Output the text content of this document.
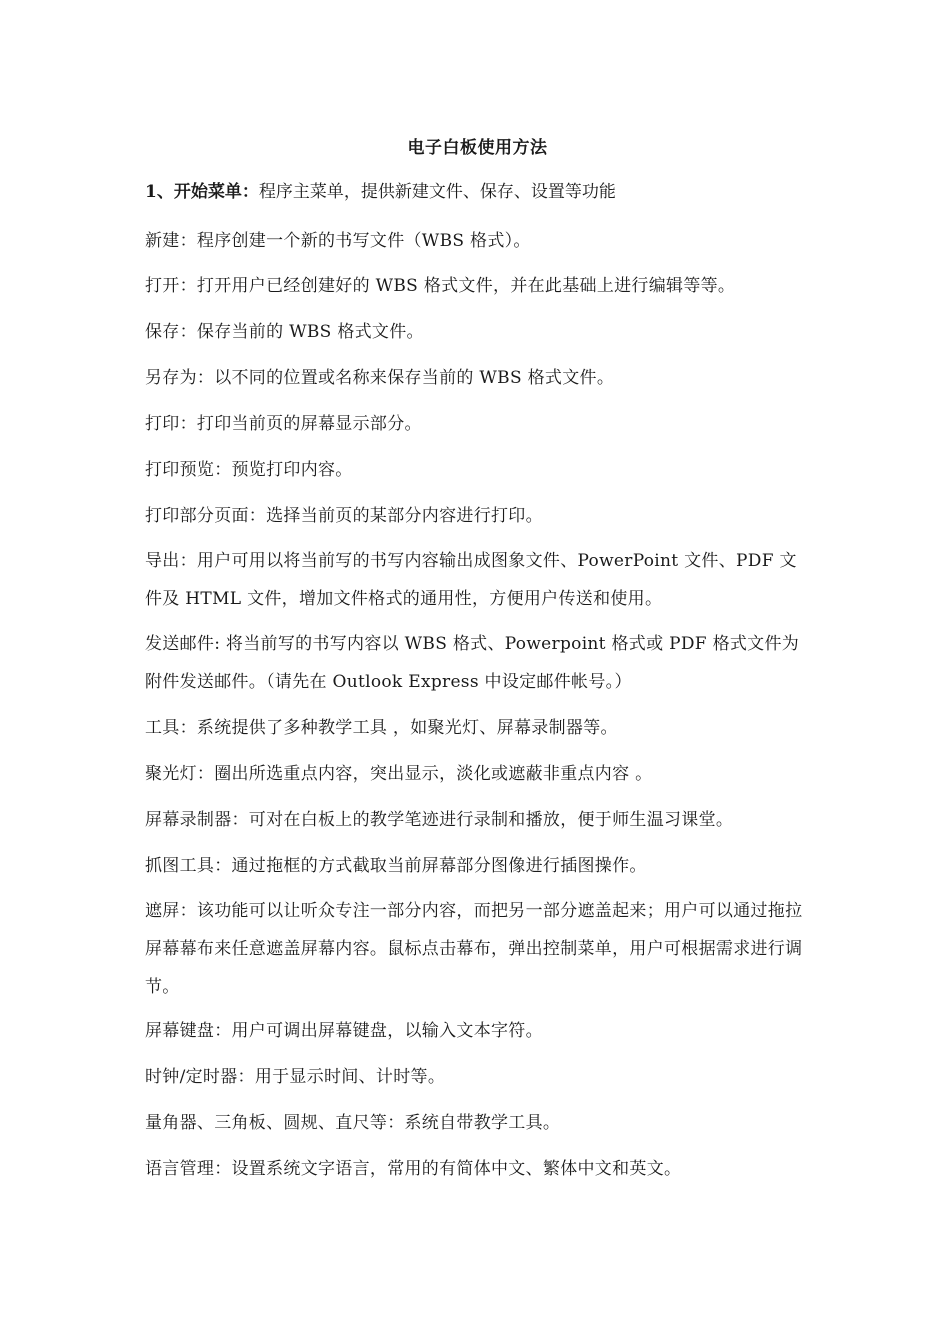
电子白板使用方法
1、开始菜单：程序主菜单，提供新建文件、保存、设置等功能
新建：程序创建一个新的书写文件（WBS 格式）。
打开：打开用户已经创建好的 WBS 格式文件，并在此基础上进行编辑等等。
保存：保存当前的 WBS 格式文件。
另存为：以不同的位置或名称来保存当前的 WBS 格式文件。
打印：打印当前页的屏幕显示部分。
打印预览：预览打印内容。
打印部分页面：选择当前页的某部分内容进行打印。
导出：用户可用以将当前写的书写内容输出成图象文件、PowerPoint 文件、PDF 文件及 HTML 文件，增加文件格式的通用性，方便用户传送和使用。
发送邮件: 将当前写的书写内容以 WBS 格式、Powerpoint 格式或 PDF 格式文件为附件发送邮件。（请先在 Outlook Express 中设定邮件帐号。）
工具：系统提供了多种教学工具 ，如聚光灯、屏幕录制器等。
聚光灯：圈出所选重点内容，突出显示，淡化或遮蔽非重点内容 。
屏幕录制器：可对在白板上的教学笔迹进行录制和播放，便于师生温习课堂。
抓图工具：通过拖框的方式截取当前屏幕部分图像进行插图操作。
遮屏：该功能可以让听众专注一部分内容，而把另一部分遮盖起来；用户可以通过拖拉屏幕幕布来任意遮盖屏幕内容。鼠标点击幕布，弹出控制菜单，用户可根据需求进行调节。
屏幕键盘：用户可调出屏幕键盘，以输入文本字符。
时钟/定时器：用于显示时间、计时等。
量角器、三角板、圆规、直尺等：系统自带教学工具。
语言管理：设置系统文字语言，常用的有简体中文、繁体中文和英文。
